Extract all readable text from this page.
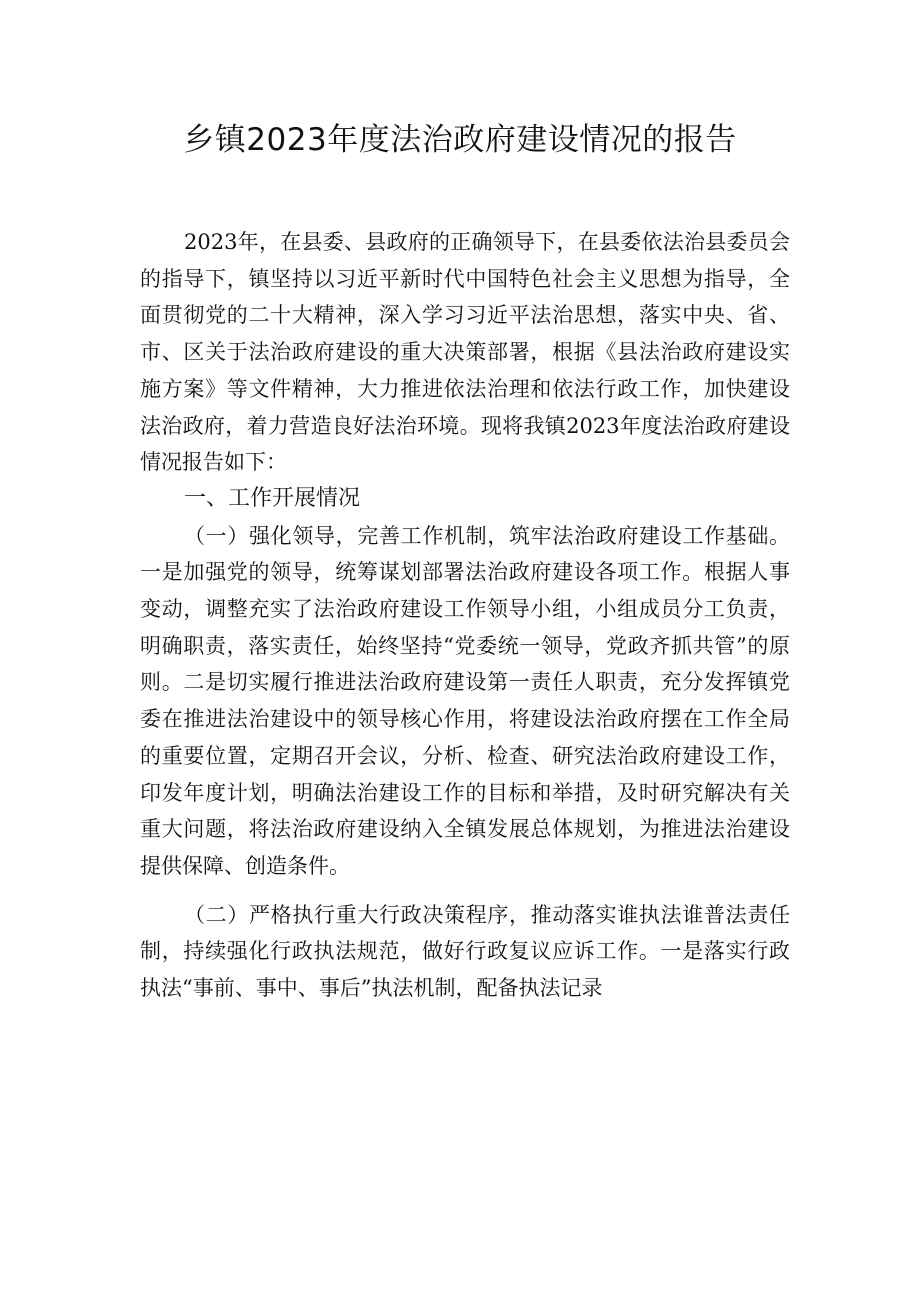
乡镇2023年度法治政府建设情况的报告

2023年，在县委、县政府的正确领导下，在县委依法治县委员会的指导下，镇坚持以习近平新时代中国特色社会主义思想为指导，全面贯彻党的二十大精神，深入学习习近平法治思想，落实中央、省、市、区关于法治政府建设的重大决策部署，根据《县法治政府建设实施方案》等文件精神，大力推进依法治理和依法行政工作，加快建设法治政府，着力营造良好法治环境。现将我镇2023年度法治政府建设情况报告如下：

一、工作开展情况

（一）强化领导，完善工作机制，筑牢法治政府建设工作基础。一是加强党的领导，统筹谋划部署法治政府建设各项工作。根据人事变动，调整充实了法治政府建设工作领导小组，小组成员分工负责，明确职责，落实责任，始终坚持“党委统一领导，党政齐抓共管”的原则。二是切实履行推进法治政府建设第一责任人职责，充分发挥镇党委在推进法治建设中的领导核心作用，将建设法治政府摆在工作全局的重要位置，定期召开会议，分析、检查、研究法治政府建设工作，印发年度计划，明确法治建设工作的目标和举措，及时研究解决有关重大问题，将法治政府建设纳入全镇发展总体规划，为推进法治建设提供保障、创造条件。

（二）严格执行重大行政决策程序，推动落实谁执法谁普法责任制，持续强化行政执法规范，做好行政复议应诉工作。一是落实行政执法“事前、事中、事后”执法机制，配备执法记录
